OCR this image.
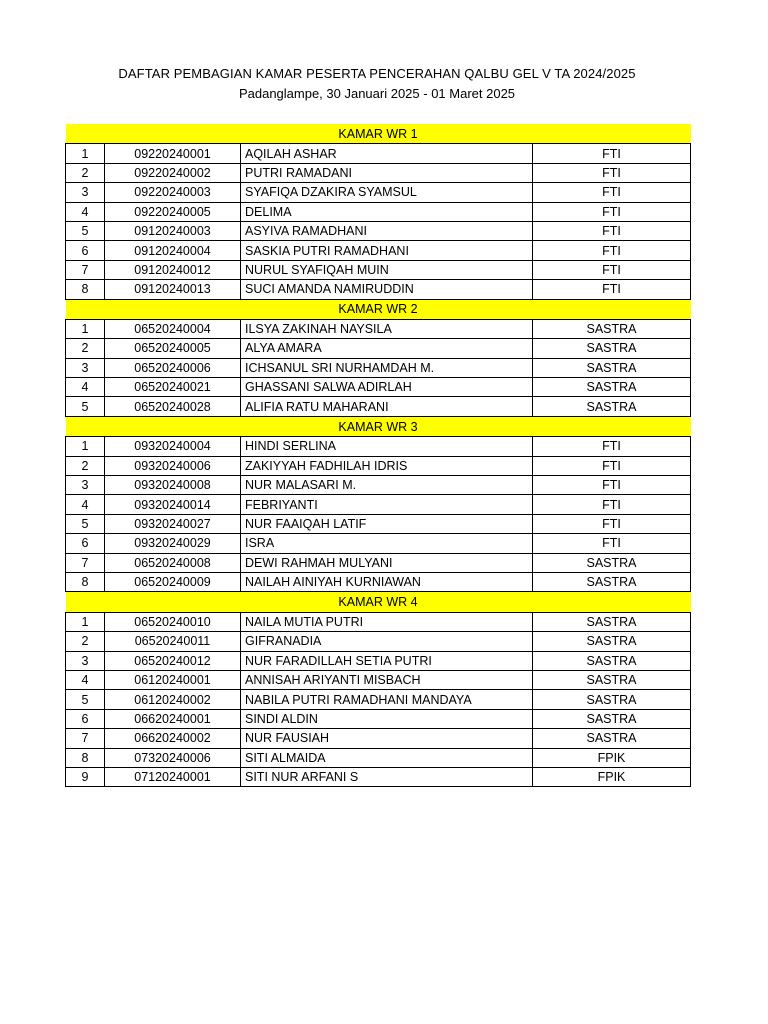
DAFTAR PEMBAGIAN KAMAR PESERTA PENCERAHAN QALBU GEL V TA 2024/2025
Padanglampe, 30 Januari 2025 - 01 Maret 2025
KAMAR WR 1			
1	09220240001	AQILAH ASHAR	FTI
2	09220240002	PUTRI RAMADANI	FTI
3	09220240003	SYAFIQA DZAKIRA SYAMSUL	FTI
4	09220240005	DELIMA	FTI
5	09120240003	ASYIVA RAMADHANI	FTI
6	09120240004	SASKIA PUTRI RAMADHANI	FTI
7	09120240012	NURUL SYAFIQAH MUIN	FTI
8	09120240013	SUCI AMANDA NAMIRUDDIN	FTI
KAMAR WR 2			
1	06520240004	ILSYA ZAKINAH NAYSILA	SASTRA
2	06520240005	ALYA AMARA	SASTRA
3	06520240006	ICHSANUL SRI NURHAMDAH M.	SASTRA
4	06520240021	GHASSANI SALWA ADIRLAH	SASTRA
5	06520240028	ALIFIA RATU MAHARANI	SASTRA
KAMAR WR 3			
1	09320240004	HINDI SERLINA	FTI
2	09320240006	ZAKIYYAH FADHILAH IDRIS	FTI
3	09320240008	NUR MALASARI M.	FTI
4	09320240014	FEBRIYANTI	FTI
5	09320240027	NUR FAAIQAH LATIF	FTI
6	09320240029	ISRA	FTI
7	06520240008	DEWI RAHMAH MULYANI	SASTRA
8	06520240009	NAILAH AINIYAH KURNIAWAN	SASTRA
KAMAR WR 4			
1	06520240010	NAILA MUTIA PUTRI	SASTRA
2	06520240011	GIFRANADIA	SASTRA
3	06520240012	NUR FARADILLAH SETIA PUTRI	SASTRA
4	06120240001	ANNISAH ARIYANTI MISBACH	SASTRA
5	06120240002	NABILA PUTRI RAMADHANI MANDAYA	SASTRA
6	06620240001	SINDI ALDIN	SASTRA
7	06620240002	NUR FAUSIAH	SASTRA
8	07320240006	SITI ALMAIDA	FPIK
9	07120240001	SITI NUR ARFANI S	FPIK
